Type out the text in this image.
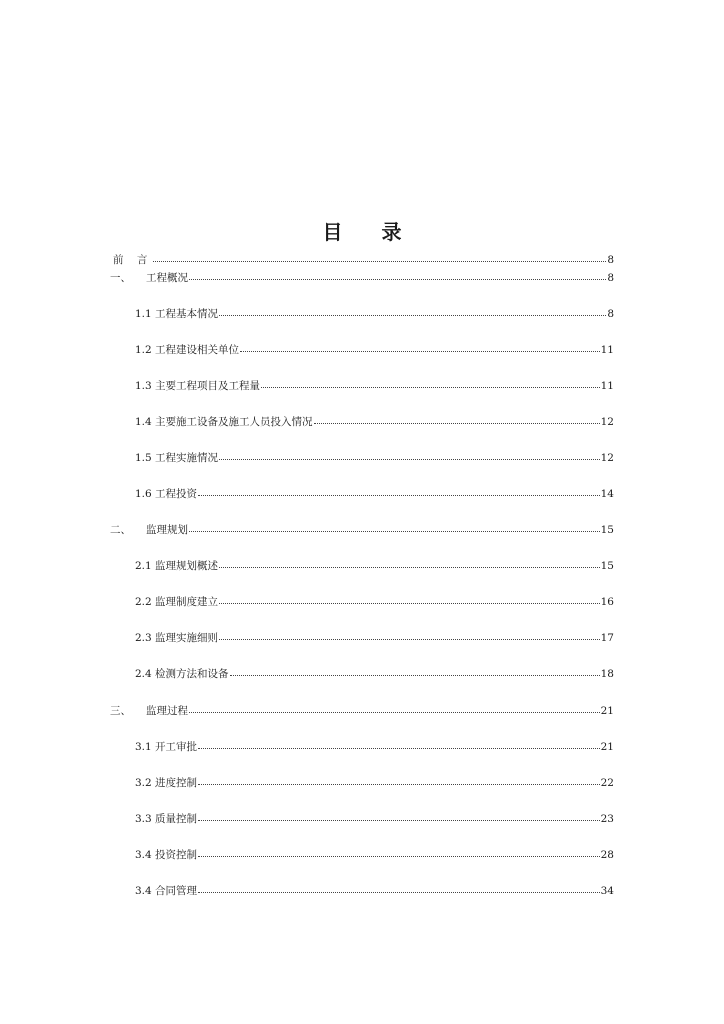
目 录
前 言	8
一、 工程概况	8
1.1 工程基本情况	8
1.2 工程建设相关单位	11
1.3 主要工程项目及工程量	11
1.4 主要施工设备及施工人员投入情况	12
1.5 工程实施情况	12
1.6 工程投资	14
二、 监理规划	15
2.1 监理规划概述	15
2.2 监理制度建立	16
2.3 监理实施细则	17
2.4 检测方法和设备	18
三、 监理过程	21
3.1 开工审批	21
3.2 进度控制	22
3.3 质量控制	23
3.4 投资控制	28
3.4 合同管理	34
